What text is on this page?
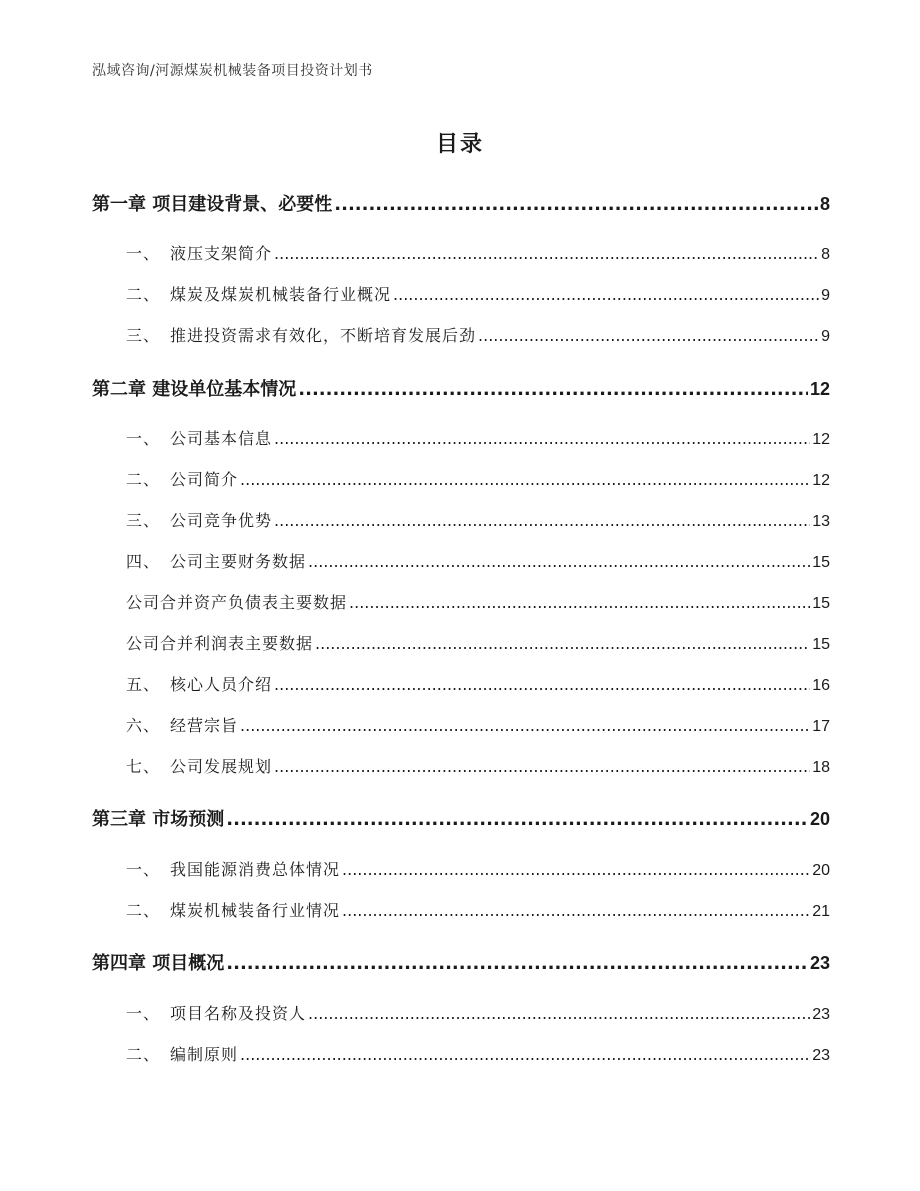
泓域咨询/河源煤炭机械装备项目投资计划书
目录
第一章 项目建设背景、必要性 .....	8
一、 液压支架简介 .....	8
二、 煤炭及煤炭机械装备行业概况 .....	9
三、 推进投资需求有效化，不断培育发展后劲 .....	9
第二章 建设单位基本情况 .....	12
一、 公司基本信息 .....	12
二、 公司简介 .....	12
三、 公司竞争优势 .....	13
四、 公司主要财务数据 .....	15
公司合并资产负债表主要数据 .....	15
公司合并利润表主要数据 .....	15
五、 核心人员介绍 .....	16
六、 经营宗旨 .....	17
七、 公司发展规划 .....	18
第三章 市场预测 .....	20
一、 我国能源消费总体情况 .....	20
二、 煤炭机械装备行业情况 .....	21
第四章 项目概况 .....	23
一、 项目名称及投资人 .....	23
二、 编制原则 .....	23
